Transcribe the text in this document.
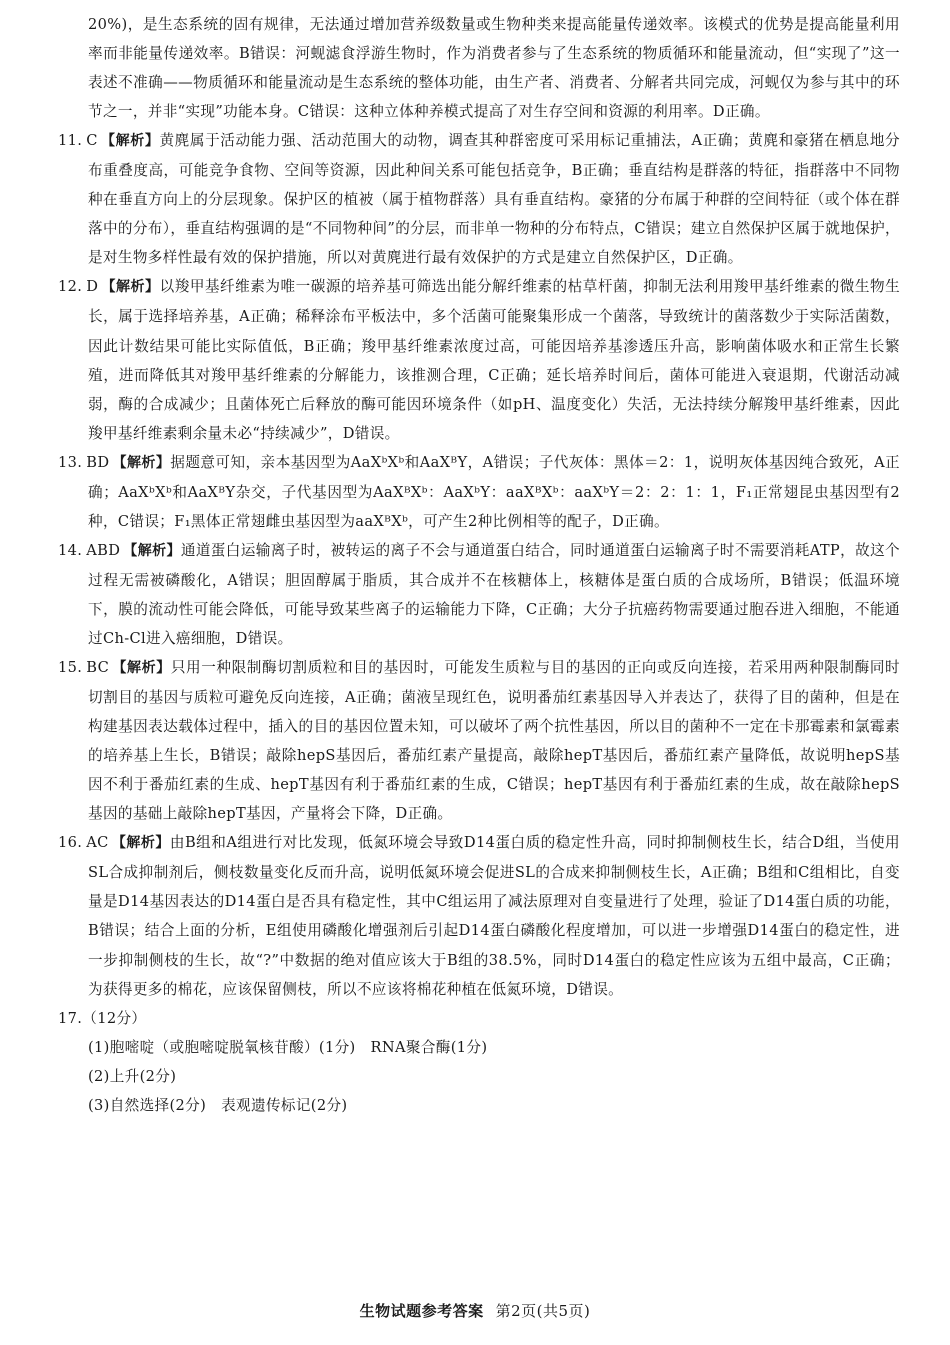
20%)，是生态系统的固有规律，无法通过增加营养级数量或生物种类来提高能量传递效率。该模式的优势是提高能量利用率而非能量传递效率。B错误：河蚬滤食浮游生物时，作为消费者参与了生态系统的物质循环和能量流动，但“实现了”这一表述不准确——物质循环和能量流动是生态系统的整体功能，由生产者、消费者、分解者共同完成，河蚬仅为参与其中的环节之一，并非“实现”功能本身。C错误：这种立体种养模式提高了对生存空间和资源的利用率。D正确。

11. C 【解析】黄麂属于活动能力强、活动范围大的动物，调查其种群密度可采用标记重捕法，A正确；黄麂和豪猪在栖息地分布重叠度高，可能竞争食物、空间等资源，因此种间关系可能包括竞争，B正确；垂直结构是群落的特征，指群落中不同物种在垂直方向上的分层现象。保护区的植被（属于植物群落）具有垂直结构。豪猪的分布属于种群的空间特征（或个体在群落中的分布），垂直结构强调的是“不同物种间”的分层，而非单一物种的分布特点，C错误；建立自然保护区属于就地保护，是对生物多样性最有效的保护措施，所以对黄麂进行最有效保护的方式是建立自然保护区，D正确。

12. D 【解析】以羧甲基纤维素为唯一碳源的培养基可筛选出能分解纤维素的枯草杆菌，抑制无法利用羧甲基纤维素的微生物生长，属于选择培养基，A正确；稀释涂布平板法中，多个活菌可能聚集形成一个菌落，导致统计的菌落数少于实际活菌数，因此计数结果可能比实际值低，B正确；羧甲基纤维素浓度过高，可能因培养基渗透压升高，影响菌体吸水和正常生长繁殖，进而降低其对羧甲基纤维素的分解能力，该推测合理，C正确；延长培养时间后，菌体可能进入衰退期，代谢活动减弱，酶的合成减少；且菌体死亡后释放的酶可能因环境条件（如pH、温度变化）失活，无法持续分解羧甲基纤维素，因此羧甲基纤维素剩余量未必“持续减少”，D错误。

13. BD 【解析】据题意可知，亲本基因型为AaXᵇXᵇ和AaXᴮY，A错误；子代灰体：黑体＝2：1，说明灰体基因纯合致死，A正确；AaXᵇXᵇ和AaXᴮY杂交，子代基因型为AaXᴮXᵇ：AaXᵇY：aaXᴮXᵇ：aaXᵇY＝2：2：1：1，F₁正常翅昆虫基因型有2种，C错误；F₁黑体正常翅雌虫基因型为aaXᴮXᵇ，可产生2种比例相等的配子，D正确。

14. ABD 【解析】通道蛋白运输离子时，被转运的离子不会与通道蛋白结合，同时通道蛋白运输离子时不需要消耗ATP，故这个过程无需被磷酸化，A错误；胆固醇属于脂质，其合成并不在核糖体上，核糖体是蛋白质的合成场所，B错误；低温环境下，膜的流动性可能会降低，可能导致某些离子的运输能力下降，C正确；大分子抗癌药物需要通过胞吞进入细胞，不能通过Ch-Cl进入癌细胞，D错误。

15. BC 【解析】只用一种限制酶切割质粒和目的基因时，可能发生质粒与目的基因的正向或反向连接，若采用两种限制酶同时切割目的基因与质粒可避免反向连接，A正确；菌液呈现红色，说明番茄红素基因导入并表达了，获得了目的菌种，但是在构建基因表达载体过程中，插入的目的基因位置未知，可以破坏了两个抗性基因，所以目的菌种不一定在卡那霉素和氯霉素的培养基上生长，B错误；敲除hepS基因后，番茄红素产量提高，敲除hepT基因后，番茄红素产量降低，故说明hepS基因不利于番茄红素的生成、hepT基因有利于番茄红素的生成，C错误；hepT基因有利于番茄红素的生成，故在敲除hepS基因的基础上敲除hepT基因，产量将会下降，D正确。

16. AC 【解析】由B组和A组进行对比发现，低氮环境会导致D14蛋白质的稳定性升高，同时抑制侧枝生长，结合D组，当使用SL合成抑制剂后，侧枝数量变化反而升高，说明低氮环境会促进SL的合成来抑制侧枝生长，A正确；B组和C组相比，自变量是D14基因表达的D14蛋白是否具有稳定性，其中C组运用了减法原理对自变量进行了处理，验证了D14蛋白质的功能，B错误；结合上面的分析，E组使用磷酸化增强剂后引起D14蛋白磷酸化程度增加，可以进一步增强D14蛋白的稳定性，进一步抑制侧枝的生长，故“?”中数据的绝对值应该大于B组的38.5%，同时D14蛋白的稳定性应该为五组中最高，C正确；为获得更多的棉花，应该保留侧枝，所以不应该将棉花种植在低氮环境，D错误。

17.（12分）

(1)胞嘧啶（或胞嘧啶脱氧核苷酸）(1分)　RNA聚合酶(1分)

(2)上升(2分)

(3)自然选择(2分)　表观遗传标记(2分)

生物试题参考答案 第2页(共5页)
